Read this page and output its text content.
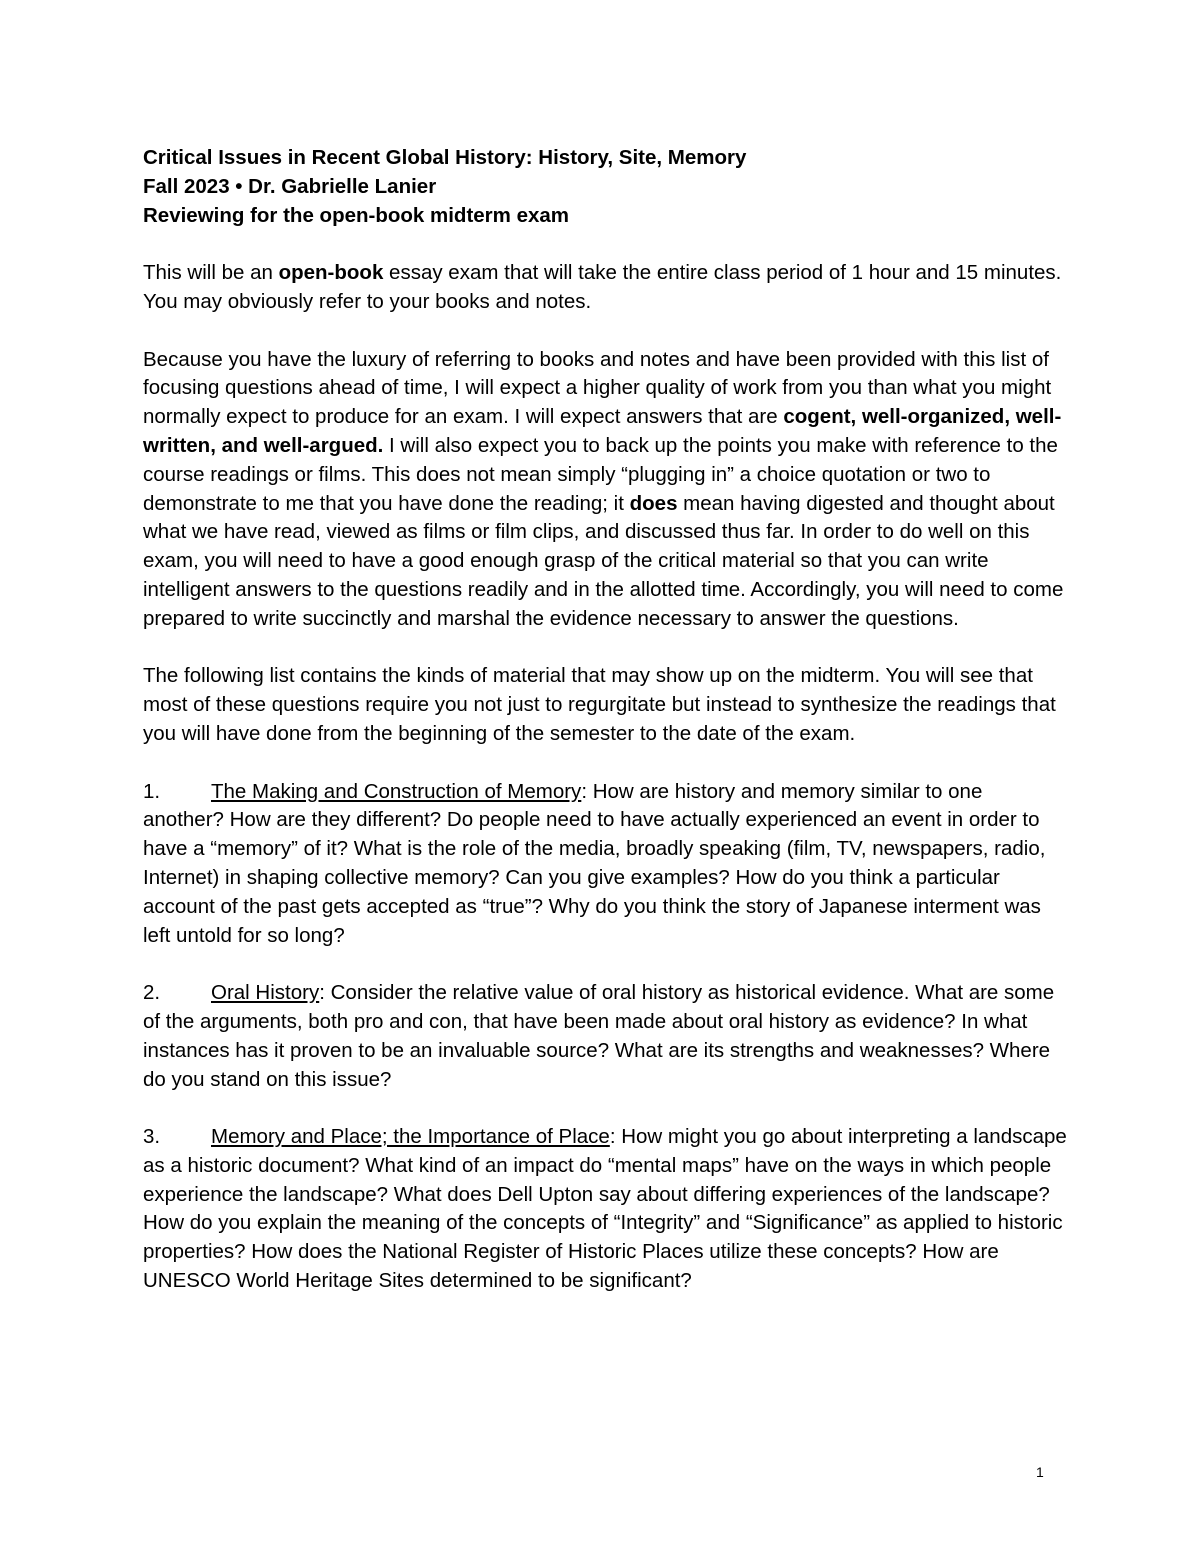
Critical Issues in Recent Global History: History, Site, Memory

Fall 2023 • Dr. Gabrielle Lanier

Reviewing for the open-book midterm exam

This will be an open-book essay exam that will take the entire class period of 1 hour and 15 minutes. You may obviously refer to your books and notes.

Because you have the luxury of referring to books and notes and have been provided with this list of focusing questions ahead of time, I will expect a higher quality of work from you than what you might normally expect to produce for an exam. I will expect answers that are cogent, well-organized, well-written, and well-argued. I will also expect you to back up the points you make with reference to the course readings or films. This does not mean simply “plugging in” a choice quotation or two to demonstrate to me that you have done the reading; it does mean having digested and thought about what we have read, viewed as films or film clips, and discussed thus far. In order to do well on this exam, you will need to have a good enough grasp of the critical material so that you can write intelligent answers to the questions readily and in the allotted time. Accordingly, you will need to come prepared to write succinctly and marshal the evidence necessary to answer the questions.

The following list contains the kinds of material that may show up on the midterm. You will see that most of these questions require you not just to regurgitate but instead to synthesize the readings that you will have done from the beginning of the semester to the date of the exam.

1. The Making and Construction of Memory: How are history and memory similar to one another? How are they different? Do people need to have actually experienced an event in order to have a “memory” of it? What is the role of the media, broadly speaking (film, TV, newspapers, radio, Internet) in shaping collective memory? Can you give examples? How do you think a particular account of the past gets accepted as “true”? Why do you think the story of Japanese interment was left untold for so long?

2. Oral History: Consider the relative value of oral history as historical evidence. What are some of the arguments, both pro and con, that have been made about oral history as evidence? In what instances has it proven to be an invaluable source? What are its strengths and weaknesses? Where do you stand on this issue?

3. Memory and Place; the Importance of Place: How might you go about interpreting a landscape as a historic document? What kind of an impact do “mental maps” have on the ways in which people experience the landscape? What does Dell Upton say about differing experiences of the landscape? How do you explain the meaning of the concepts of “Integrity” and “Significance” as applied to historic properties? How does the National Register of Historic Places utilize these concepts? How are UNESCO World Heritage Sites determined to be significant?

1
